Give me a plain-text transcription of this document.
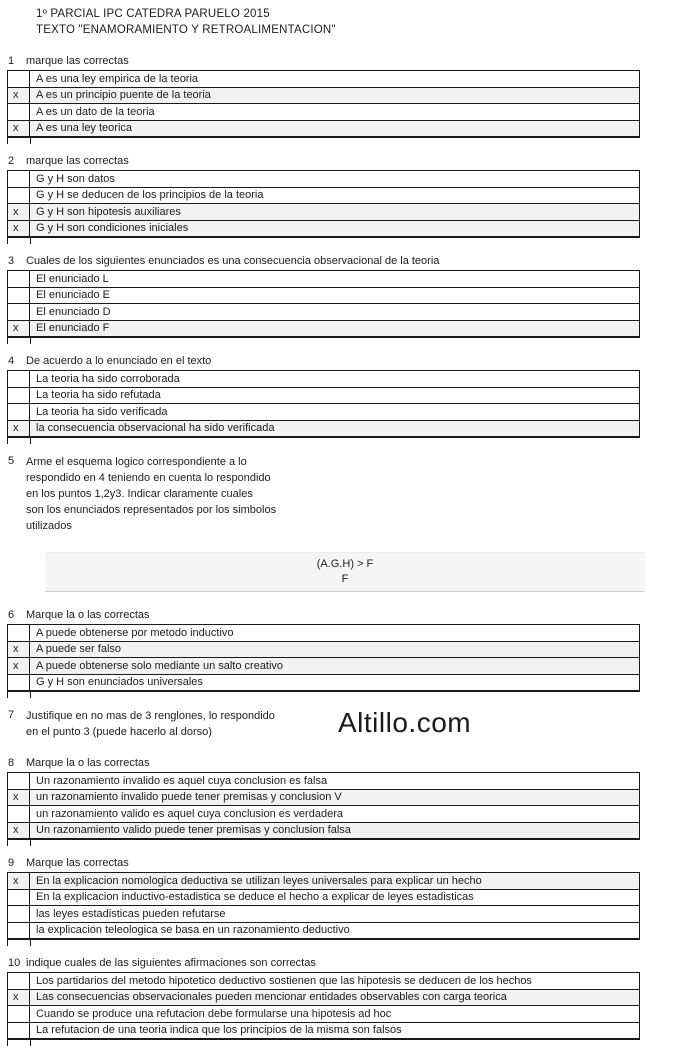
1º PARCIAL IPC CATEDRA PARUELO 2015
TEXTO "ENAMORAMIENTO Y RETROALIMENTACION"
Altillo.com
1	marque las correctas
A es una ley empirica de la teoria
x	A es un principio puente de la teoria
A es un dato de la teoria
x	A es una ley teorica
2	marque las correctas
G y H son datos
G y H se deducen de los principios de la teoria
x	G y H son hipotesis auxiliares
x	G y H son condiciones iniciales
3	Cuales de los siguientes enunciados es una consecuencia observacional de la teoria
El enunciado L
El enunciado E
El enunciado D
x	El enunciado F
4	De acuerdo a lo enunciado en el texto
La teoria ha sido corroborada
La teoria ha sido refutada
La teoria ha sido verificada
x	la consecuencia observacional ha sido verificada
5	Arme el esquema logico correspondiente a lo
respondido en 4 teniendo en cuenta lo respondido
en los puntos 1,2y3. Indicar claramente cuales
son los enunciados representados por los simbolos
utilizados
(A.G.H) > F
F
6	Marque la o las correctas
A puede obtenerse por metodo inductivo
x	A puede ser falso
x	A puede obtenerse solo mediante un salto creativo
G y H son enunciados universales
7	Justifique en no mas de 3 renglones, lo respondido
en el punto 3 (puede hacerlo al dorso)
8	Marque la o las correctas
Un razonamiento invalido es aquel cuya conclusion es falsa
x	un razonamiento invalido puede tener premisas y conclusion V
un razonamiento valido es aquel cuya conclusion es verdadera
x	Un razonamiento valido puede tener premisas y conclusion falsa
9	Marque las correctas
x	En la explicacion nomologica deductiva se utilizan leyes universales para explicar un hecho
En la explicacion inductivo-estadistica se deduce el hecho a explicar de leyes estadisticas
las leyes estadisticas pueden refutarse
la explicacion teleologica se basa en un razonamiento deductivo
10 indique cuales de las siguientes afirmaciones son correctas
Los partidarios del metodo hipotetico deductivo sostienen que las hipotesis se deducen de los hechos
x	Las consecuencias observacionales pueden mencionar entidades observables con carga teorica
Cuando se produce una refutacion debe formularse una hipotesis ad hoc
La refutacion de una teoria indica que los principios de la misma son falsos
